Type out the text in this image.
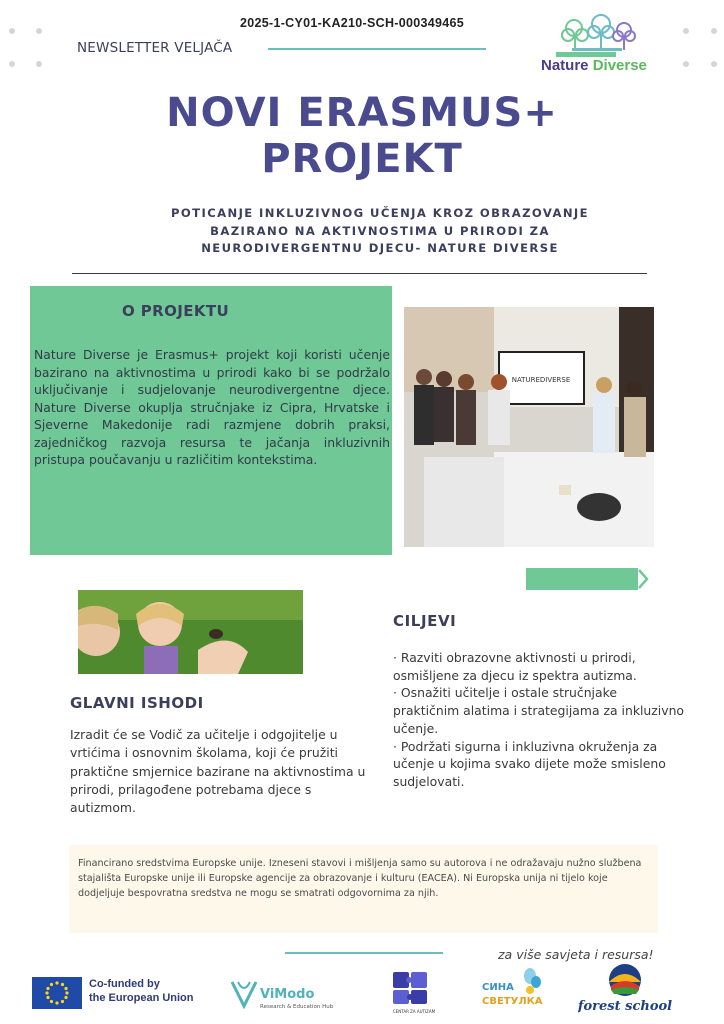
2025-1-CY01-KA210-SCH-000349465
NEWSLETTER VELJAČA
Nature Diverse
NOVI ERASMUS+
PROJEKT
POTICANJE INKLUZIVNOG UČENJA KROZ OBRAZOVANJE
BAZIRANO NA AKTIVNOSTIMA U PRIRODI ZA
NEURODIVERGENTNU DJECU- NATURE DIVERSE
O PROJEKTU
Nature Diverse je Erasmus+ projekt koji koristi učenje bazirano na aktivnostima u prirodi kako bi se podržalo uključivanje i sudjelovanje neurodivergentne djece. Nature Diverse okuplja stručnjake iz Cipra, Hrvatske i Sjeverne Makedonije radi razmjene dobrih praksi, zajedničkog razvoja resursa te jačanja inkluzivnih pristupa poučavanju u različitim kontekstima.
NATUREDIVERSE
CILJEVI
· Razviti obrazovne aktivnosti u prirodi, osmišljene za djecu iz spektra autizma.
· Osnažiti učitelje i ostale stručnjake praktičnim alatima i strategijama za inkluzivno učenje.
· Podržati sigurna i inkluzivna okruženja za učenje u kojima svako dijete može smisleno sudjelovati.
GLAVNI ISHODI
Izradit će se Vodič za učitelje i odgojitelje u vrtićima i osnovnim školama, koji će pružiti praktične smjernice bazirane na aktivnostima u prirodi, prilagođene potrebama djece s autizmom.
Financirano sredstvima Europske unije. Izneseni stavovi i mišljenja samo su autorova i ne odražavaju nužno službena stajališta Europske unije ili Europske agencije za obrazovanje i kulturu (EACEA). Ni Europska unija ni tijelo koje dodjeljuje bespovratna sredstva ne mogu se smatrati odgovornima za njih.
za više savjeta i resursa!
Co-funded by
the European Union	ViModo
Research & Education Hub
CENTAR ZA AUTIZAM
СИНА
СВЕТУЛКА	forest school
